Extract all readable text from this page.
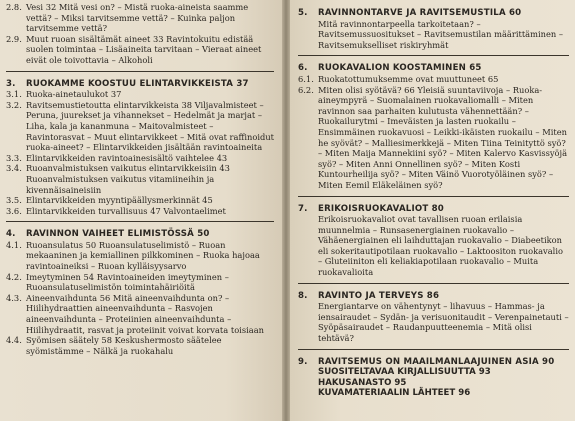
2.8. Vesi 32 Mitä vesi on? – Mistä ruoka-aineista saamme vettä? – Miksi tarvitsemme vettä? – Kuinka paljon tarvitsemme vettä?
2.9. Muut ruoan sisältämät aineet 33 Ravintokuitu edistää suolen toimintaa – Lisäaineita tarvitaan – Vieraat aineet eivät ole toivottavia – Alkoholi
3.	RUOKAMME KOOSTUU ELINTARVIKKEISTA 37
3.1. Ruoka-ainetaulukot 37
3.2. Ravitsemustietoutta elintarvikkeista 38 Viljavalmisteet – Peruna, juurekset ja vihannekset – Hedelmät ja marjat – Liha, kala ja kananmuna – Maitovalmisteet – Ravintorasvat – Muut elintarvikkeet – Mitä ovat raffinoidut ruoka-aineet? – Elintarvikkeiden jisältään ravintoaineita
3.3. Elintarvikkeiden ravintoainesisältö vaihtelee 43
3.4. Ruoanvalmistuksen vaikutus elintarvikkeisiin 43 Ruoanvalmistuksen vaikutus vitamiineihin ja kivennäisaineisiin
3.5. Elintarvikkeiden myyntipäällysmerkinnät 45
3.6. Elintarvikkeiden turvallisuus 47 Valvontaelimet
4.	RAVINNON VAIHEET ELIMISTÖSSÄ 50
4.1. Ruoansulatus 50 Ruoansulatuselimistö – Ruoan mekaaninen ja kemiallinen pilkkominen – Ruoka hajoaa ravintoaineiksi – Ruoan kylläisyysarvo
4.2. Imeytyminen 54 Ravintoaineiden imeytyminen – Ruoansulatuselimistön toimintahäiriöitä
4.3. Aineenvaihdunta 56 Mitä aineenvaihdunta on? – Hiilihydraattien aineenvaihdunta – Rasvojen aineenvaihdunta – Proteiinien aineenvaihdunta – Hiilihydraatit, rasvat ja proteiinit voivat korvata toisiaan
4.4. Syömisen säätely 58 Keskushermosto säätelee syömistämme – Nälkä ja ruokahalu
5.	RAVINNONTARVE JA RAVITSEMUSTILA 60
Mitä ravinnontarpeella tarkoitetaan? – Ravitsemussuositukset – Ravitsemustilan määrittäminen – Ravitsemukselliset riskiryhmät
6.	RUOKAVALION KOOSTAMINEN 65
6.1. Ruokatottumuksemme ovat muuttuneet 65
6.2. Miten olisi syötävä? 66 Yleisiä suuntaviivoja – Ruoka-aineympyrä – Suomalainen ruokavaliomalli – Miten ravinnon saa parhaiten kulutusta vähennettään? – Ruokailurytmi – Imeväisten ja lasten ruokailu – Ensimmäinen ruokavuosi – Leikki-ikäisten ruokailu – Miten he syövät? – Malliesimerkkejä – Miten Tiina Teinityttö syö? – Miten Maija Mannekiini syö? – Miten Kalervo Kasvissyöjä syö? – Miten Anni Onnellinen syö? – Miten Kosti Kuntourheilija syö? – Miten Väinö Vuorotyöläinen syö? – Miten Eemil Eläkeläinen syö?
7.	ERIKOISRUOKAVALIOT 80
Erikoisruokavaliot ovat tavallisen ruoan erilaisia muunnelmia – Runsasenergiainen ruokavalio – Vähäenergiainen eli laihduttajan ruokavalio – Diabeetikon eli sokeritautipotilaan ruokavalio – Laktoositon ruokavalio – Gluteiiniton eli keliakiapotilaan ruokavalio – Muita ruokavalioita
8.	RAVINTO JA TERVEYS 86
Energiantarve on vähentynyt – lihavuus – Hammas- ja iensairaudet – Sydän- ja verisuonitaudit – Verenpainetauti – Syöpäsairaudet – Raudanpuutteenemia – Mitä olisi tehtävä?
9.	RAVITSEMUS ON MAAILMANLAAJUINEN ASIA 90
SUOSITELTAVAA KIRJALLISUUTTA 93
HAKUSANASTO 95
KUVAMATERIAALIN LÄHTEET 96
